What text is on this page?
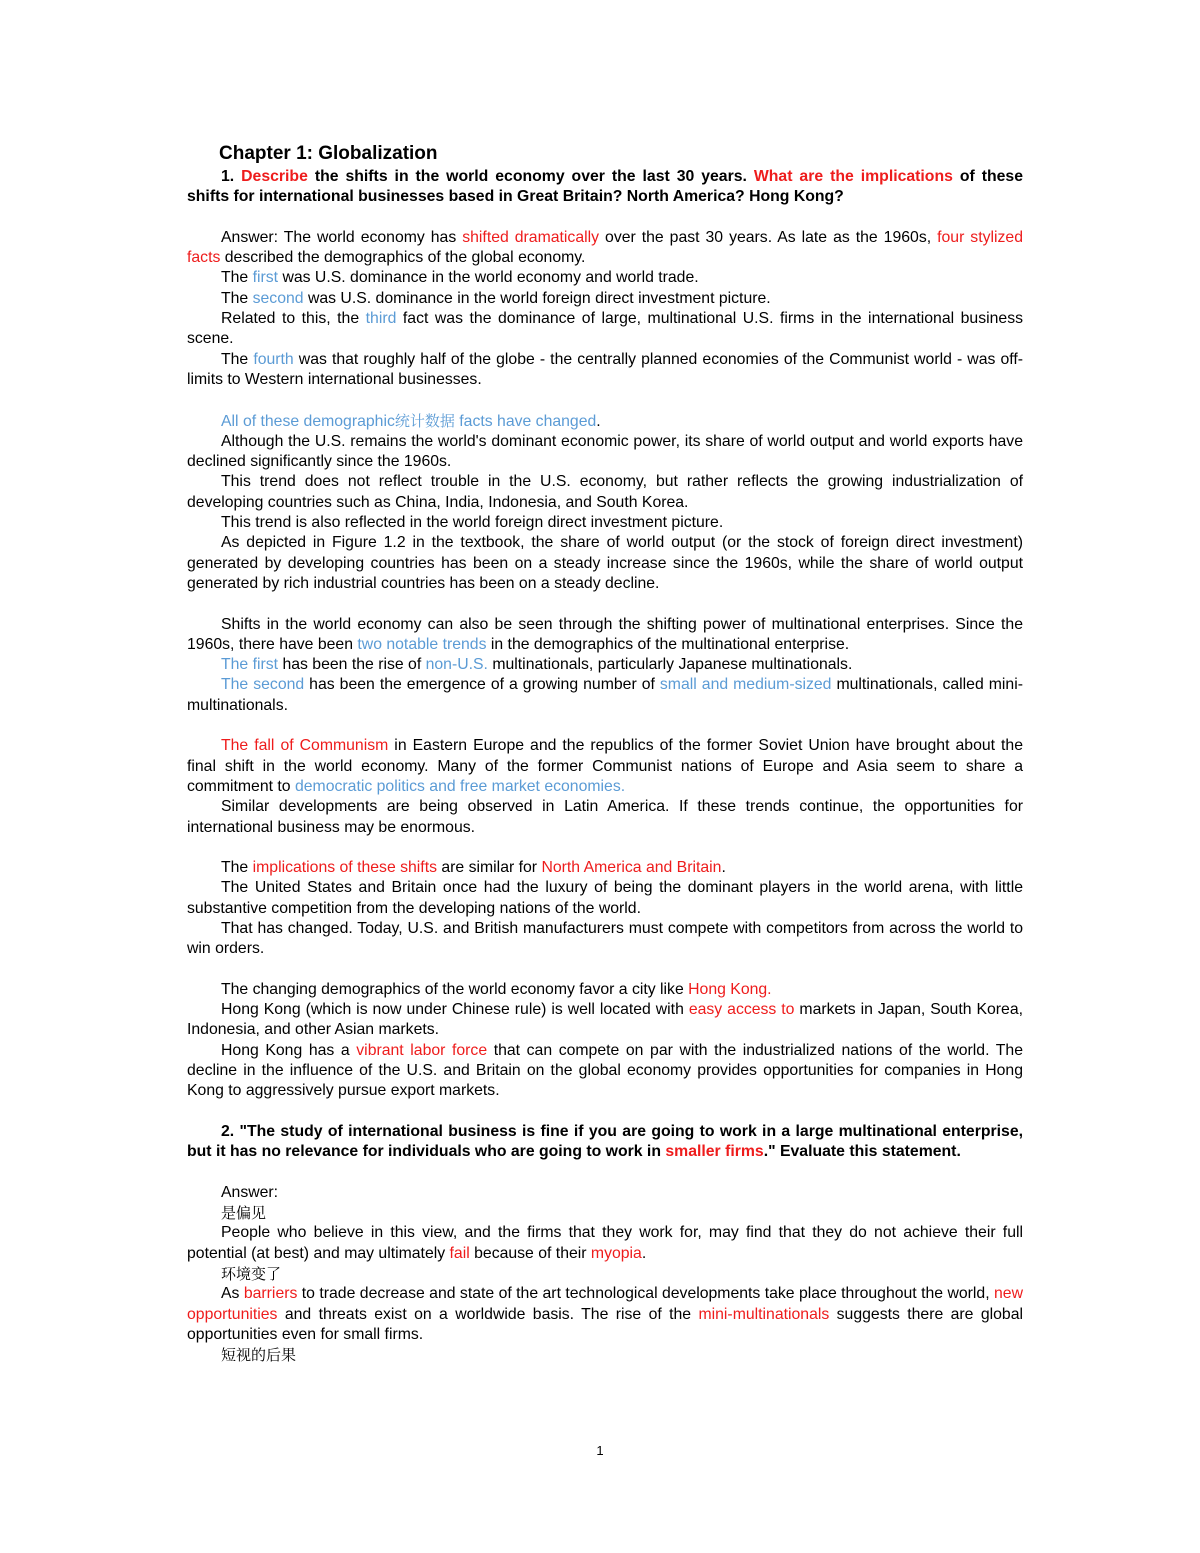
Chapter 1: Globalization

1. Describe the shifts in the world economy over the last 30 years. What are the implications of these shifts for international businesses based in Great Britain? North America? Hong Kong?

Answer: The world economy has shifted dramatically over the past 30 years. As late as the 1960s, four stylized facts described the demographics of the global economy.

The first was U.S. dominance in the world economy and world trade.

The second was U.S. dominance in the world foreign direct investment picture.

Related to this, the third fact was the dominance of large, multinational U.S. firms in the international business scene.

The fourth was that roughly half of the globe - the centrally planned economies of the Communist world - was off-limits to Western international businesses.

All of these demographic统计数据 facts have changed.

Although the U.S. remains the world's dominant economic power, its share of world output and world exports have declined significantly since the 1960s.

This trend does not reflect trouble in the U.S. economy, but rather reflects the growing industrialization of developing countries such as China, India, Indonesia, and South Korea.

This trend is also reflected in the world foreign direct investment picture.

As depicted in Figure 1.2 in the textbook, the share of world output (or the stock of foreign direct investment) generated by developing countries has been on a steady increase since the 1960s, while the share of world output generated by rich industrial countries has been on a steady decline.

Shifts in the world economy can also be seen through the shifting power of multinational enterprises. Since the 1960s, there have been two notable trends in the demographics of the multinational enterprise.

The first has been the rise of non-U.S. multinationals, particularly Japanese multinationals.

The second has been the emergence of a growing number of small and medium-sized multinationals, called mini-multinationals.

The fall of Communism in Eastern Europe and the republics of the former Soviet Union have brought about the final shift in the world economy. Many of the former Communist nations of Europe and Asia seem to share a commitment to democratic politics and free market economies.

Similar developments are being observed in Latin America. If these trends continue, the opportunities for international business may be enormous.

The implications of these shifts are similar for North America and Britain.

The United States and Britain once had the luxury of being the dominant players in the world arena, with little substantive competition from the developing nations of the world.

That has changed. Today, U.S. and British manufacturers must compete with competitors from across the world to win orders.

The changing demographics of the world economy favor a city like Hong Kong.

Hong Kong (which is now under Chinese rule) is well located with easy access to markets in Japan, South Korea, Indonesia, and other Asian markets.

Hong Kong has a vibrant labor force that can compete on par with the industrialized nations of the world. The decline in the influence of the U.S. and Britain on the global economy provides opportunities for companies in Hong Kong to aggressively pursue export markets.

2. "The study of international business is fine if you are going to work in a large multinational enterprise, but it has no relevance for individuals who are going to work in smaller firms." Evaluate this statement.

Answer:

是偏见

People who believe in this view, and the firms that they work for, may find that they do not achieve their full potential (at best) and may ultimately fail because of their myopia.

环境变了

As barriers to trade decrease and state of the art technological developments take place throughout the world, new opportunities and threats exist on a worldwide basis. The rise of the mini-multinationals suggests there are global opportunities even for small firms.

短视的后果

1
